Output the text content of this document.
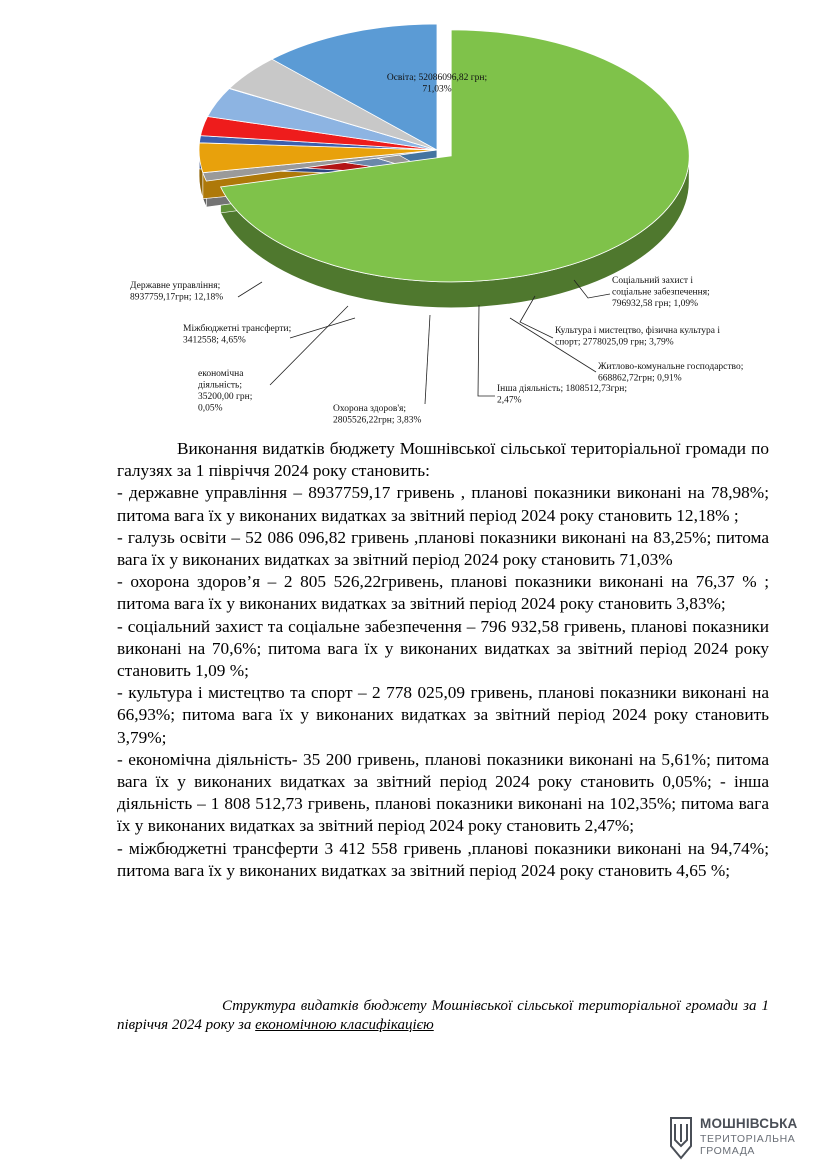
Освіта; 52086096,82 грн; 71,03%
Соціальний захист і соціальне забезпечення; 796932,58 грн; 1,09%
Культура і мистецтво, фізична культура і спорт; 2778025,09 грн; 3,79%
Житлово-комунальне господарство; 668862,72грн; 0,91%
Інша діяльність; 1808512,73грн; 2,47%
Охорона здоров'я; 2805526,22грн; 3,83%
економічна діяльність; 35200,00 грн; 0,05%
Міжбюджетні трансферти; 3412558; 4,65%
Державне управління; 8937759,17грн; 12,18%

Виконання видатків бюджету Мошнівської сільської територіальної громади по галузях за 1 півріччя 2024 року становить:

- державне управління – 8937759,17 гривень , планові показники виконані на 78,98%; питома вага їх у виконаних видатках за звітний період 2024 року становить 12,18% ;

- галузь освіти – 52 086 096,82 гривень ,планові показники виконані на 83,25%; питома вага їх у виконаних видатках за звітний період 2024 року становить 71,03%

- охорона здоров’я – 2 805 526,22гривень, планові показники виконані на 76,37 % ; питома вага їх у виконаних видатках за звітний період 2024 року становить 3,83%;

- соціальний захист та соціальне забезпечення – 796 932,58 гривень, планові показники виконані на 70,6%; питома вага їх у виконаних видатках за звітний період 2024 року становить 1,09 %;

- культура і мистецтво та спорт – 2 778 025,09 гривень, планові показники виконані на 66,93%; питома вага їх у виконаних видатках за звітний період 2024 року становить 3,79%;

- економічна діяльність- 35 200 гривень, планові показники виконані на 5,61%; питома вага їх у виконаних видатках за звітний період 2024 року становить 0,05%; - інша діяльність – 1 808 512,73 гривень, планові показники виконані на 102,35%; питома вага їх у виконаних видатках за звітний період 2024 року становить 2,47%;

- міжбюджетні трансферти 3 412 558 гривень ,планові показники виконані на 94,74%; питома вага їх у виконаних видатках за звітний період 2024 року становить 4,65 %;

Структура видатків бюджету Мошнівської сільської територіальної громади за 1 півріччя 2024 року за економічною класифікацією
МОШНІВСЬКА
ТЕРИТОРІАЛЬНА
ГРОМАДА
